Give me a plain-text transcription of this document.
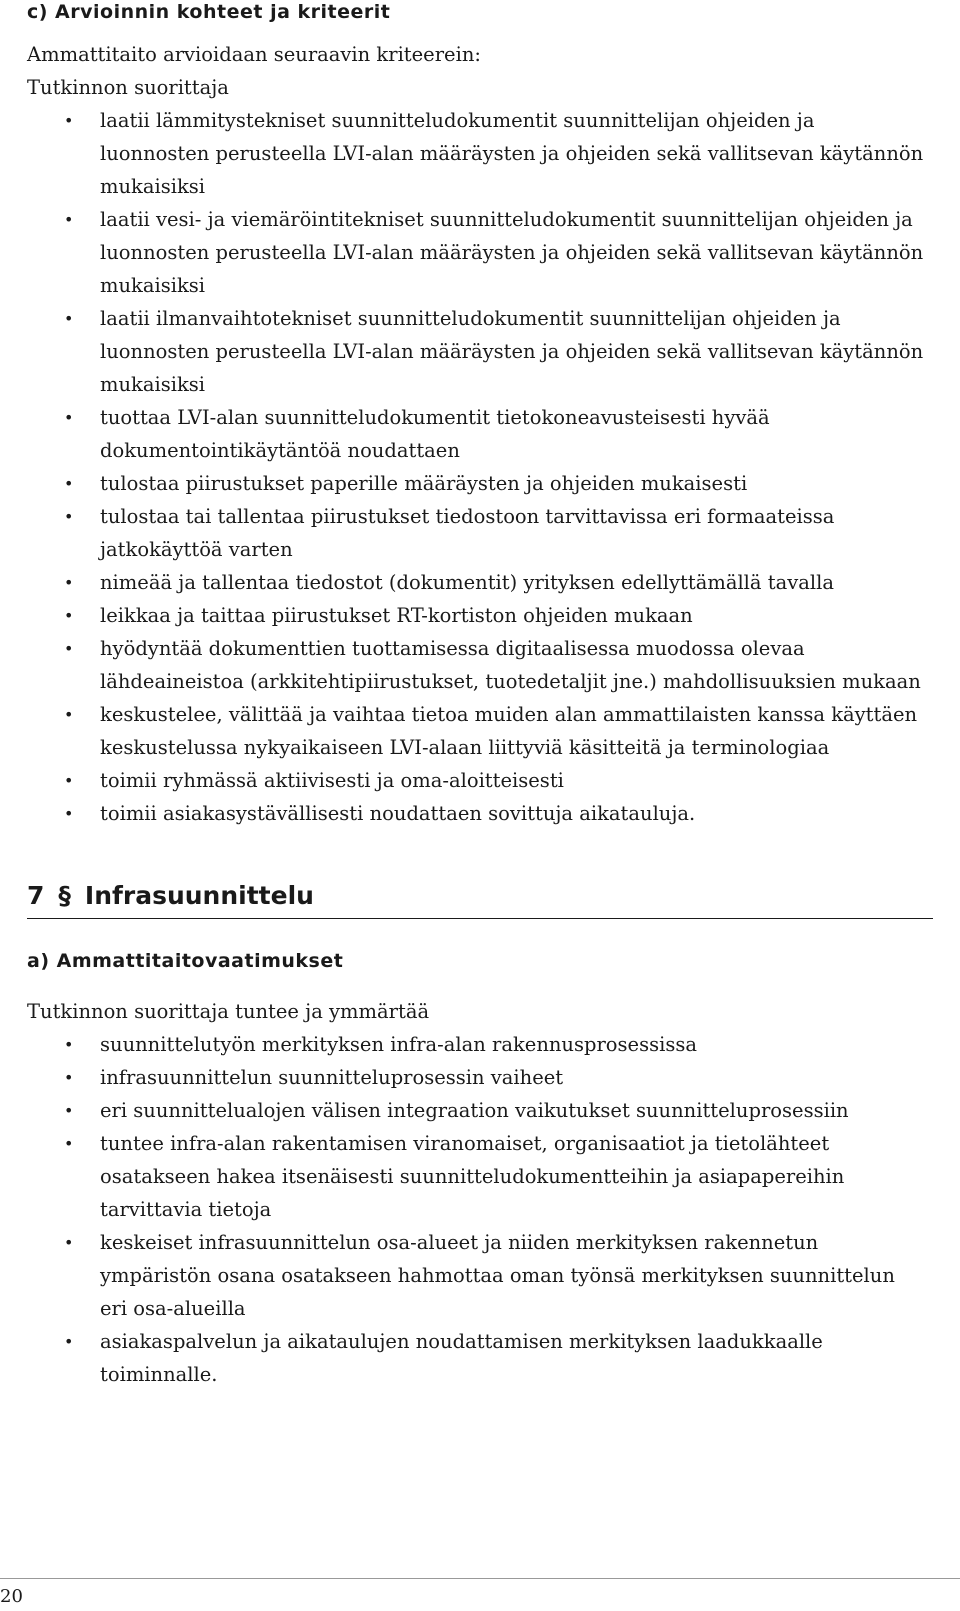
c) Arvioinnin kohteet ja kriteerit

Ammattitaito arvioidaan seuraavin kriteerein:

Tutkinnon suorittaja

• laatii lämmitystekniset suunnitteludokumentit suunnittelijan ohjeiden ja luonnosten perusteella LVI-alan määräysten ja ohjeiden sekä vallitsevan käytännön mukaisiksi
• laatii vesi- ja viemäröintitekniset suunnitteludokumentit suunnittelijan ohjeiden ja luonnosten perusteella LVI-alan määräysten ja ohjeiden sekä vallitsevan käytännön mukaisiksi
• laatii ilmanvaihtotekniset suunnitteludokumentit suunnittelijan ohjeiden ja luonnosten perusteella LVI-alan määräysten ja ohjeiden sekä vallitsevan käytännön mukaisiksi
• tuottaa LVI-alan suunnitteludokumentit tietokoneavusteisesti hyvää dokumentointikäytäntöä noudattaen
• tulostaa piirustukset paperille määräysten ja ohjeiden mukaisesti
• tulostaa tai tallentaa piirustukset tiedostoon tarvittavissa eri formaateissa jatkokäyttöä varten
• nimeää ja tallentaa tiedostot (dokumentit) yrityksen edellyttämällä tavalla
• leikkaa ja taittaa piirustukset RT-kortiston ohjeiden mukaan
• hyödyntää dokumenttien tuottamisessa digitaalisessa muodossa olevaa lähdeaineistoa (arkkitehtipiirustukset, tuotedetaljit jne.) mahdollisuuksien mukaan
• keskustelee, välittää ja vaihtaa tietoa muiden alan ammattilaisten kanssa käyttäen keskustelussa nykyaikaiseen LVI-alaan liittyviä käsitteitä ja terminologiaa
• toimii ryhmässä aktiivisesti ja oma-aloitteisesti
• toimii asiakasystävällisesti noudattaen sovittuja aikatauluja.
7 § Infrasuunnittelu
a) Ammattitaitovaatimukset

Tutkinnon suorittaja tuntee ja ymmärtää

• suunnittelutyön merkityksen infra-alan rakennusprosessissa
• infrasuunnittelun suunnitteluprosessin vaiheet
• eri suunnittelualojen välisen integraation vaikutukset suunnitteluprosessiin
• tuntee infra-alan rakentamisen viranomaiset, organisaatiot ja tietolähteet osatakseen hakea itsenäisesti suunnitteludokumentteihin ja asiapapereihin tarvittavia tietoja
• keskeiset infrasuunnittelun osa-alueet ja niiden merkityksen rakennetun ympäristön osana osatakseen hahmottaa oman työnsä merkityksen suunnittelun eri osa-alueilla
• asiakaspalvelun ja aikataulujen noudattamisen merkityksen laadukkaalle toiminnalle.
20
